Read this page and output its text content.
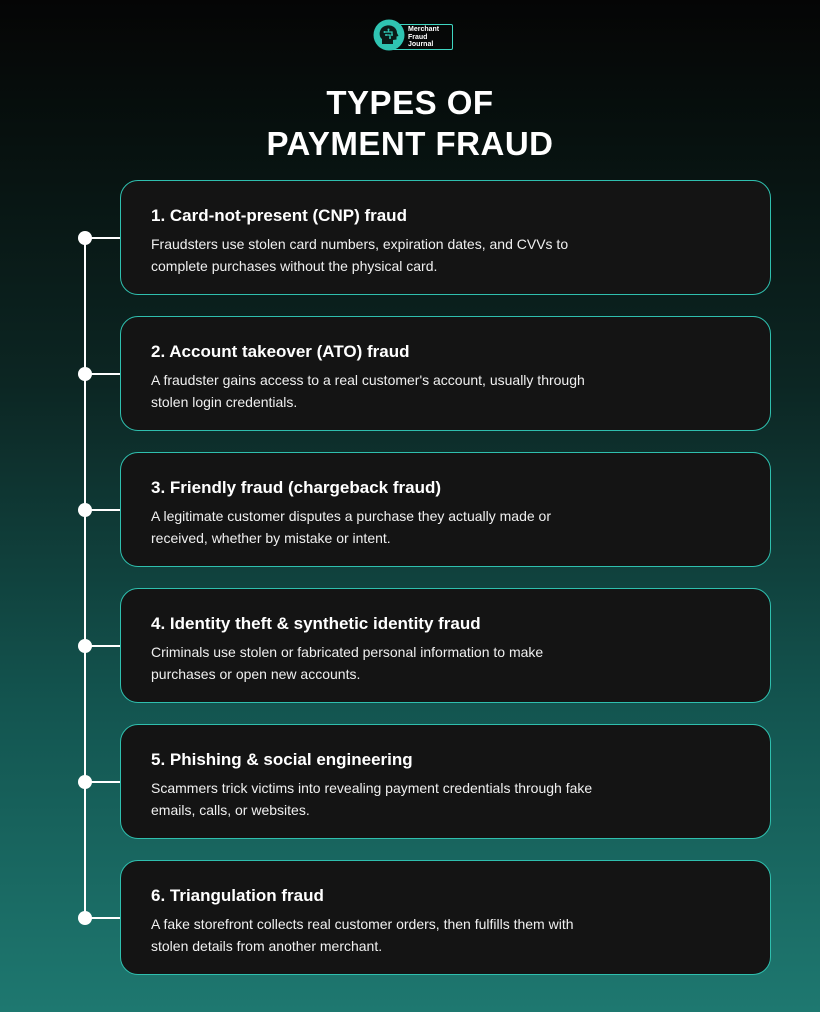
Merchant
Fraud
Journal
TYPES OF
PAYMENT FRAUD
1. Card-not-present (CNP) fraud
Fraudsters use stolen card numbers, expiration dates, and CVVs to complete purchases without the physical card.
2. Account takeover (ATO) fraud
A fraudster gains access to a real customer's account, usually through stolen login credentials.
3. Friendly fraud (chargeback fraud)
A legitimate customer disputes a purchase they actually made or received, whether by mistake or intent.
4. Identity theft & synthetic identity fraud
Criminals use stolen or fabricated personal information to make purchases or open new accounts.
5. Phishing & social engineering
Scammers trick victims into revealing payment credentials through fake emails, calls, or websites.
6. Triangulation fraud
A fake storefront collects real customer orders, then fulfills them with stolen details from another merchant.
